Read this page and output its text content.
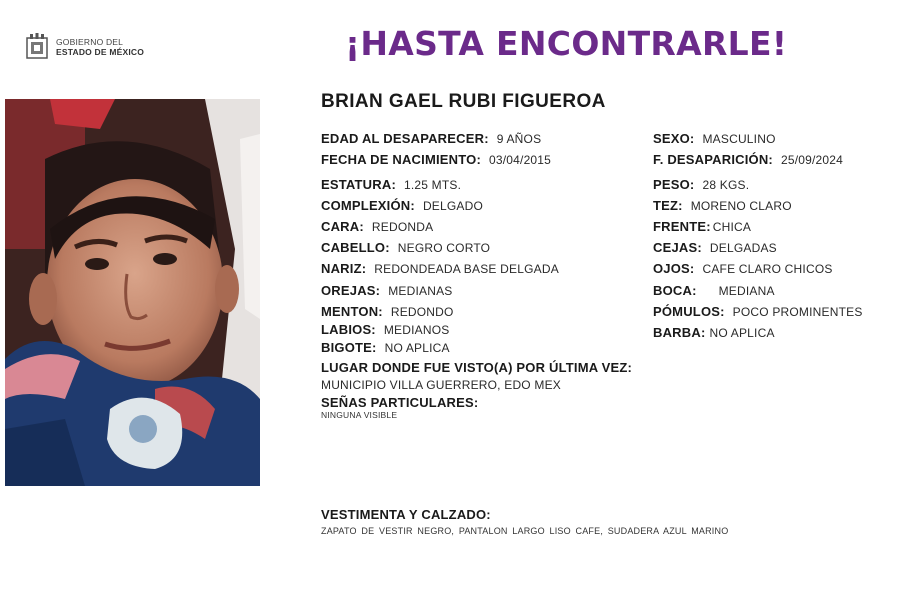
GOBIERNO DEL
ESTADO DE MÉXICO	¡HASTA ENCONTRARLE!
BRIAN GAEL RUBI FIGUEROA
EDAD AL DESAPARECER: 9 AÑOS
FECHA DE NACIMIENTO: 03/04/2015
ESTATURA: 1.25 MTS.
COMPLEXIÓN: DELGADO
CARA: REDONDA
CABELLO: NEGRO CORTO
NARIZ: REDONDEADA BASE DELGADA
OREJAS: MEDIANAS
MENTON: REDONDO
LABIOS: MEDIANOS
BIGOTE: NO APLICA
SEXO: MASCULINO
F. DESAPARICIÓN: 25/09/2024
PESO: 28 KGS.
TEZ: MORENO CLARO
FRENTE: CHICA
CEJAS: DELGADAS
OJOS: CAFE CLARO CHICOS
BOCA: MEDIANA
PÓMULOS: POCO PROMINENTES
BARBA: NO APLICA
LUGAR DONDE FUE VISTO(A) POR ÚLTIMA VEZ:
MUNICIPIO VILLA GUERRERO, EDO MEX
SEÑAS PARTICULARES:
NINGUNA VISIBLE
VESTIMENTA Y CALZADO:
ZAPATO DE VESTIR NEGRO, PANTALON LARGO LISO CAFE, SUDADERA AZUL MARINO
